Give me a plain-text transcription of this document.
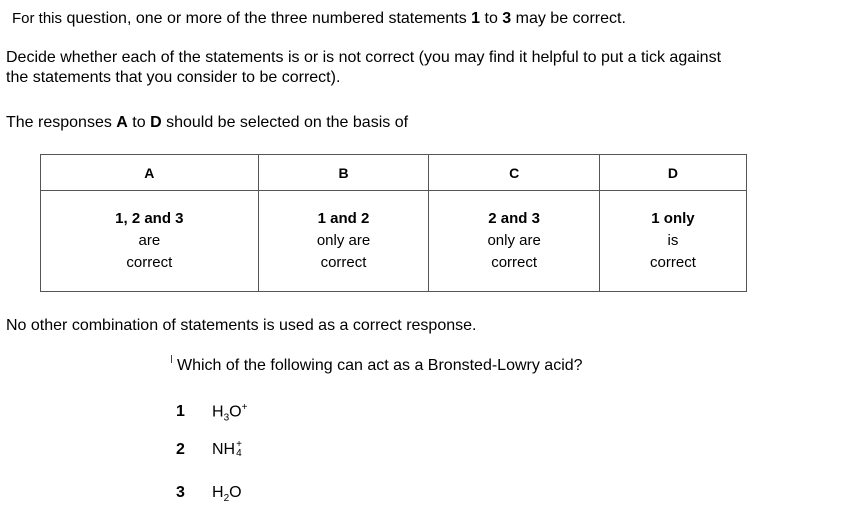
For this question, one or more of the three numbered statements 1 to 3 may be correct.
Decide whether each of the statements is or is not correct (you may find it helpful to put a tick against
the statements that you consider to be correct).
The responses A to D should be selected on the basis of
A	B	C	D

1, 2 and 3
are
correct	1 and 2
only are
correct	2 and 3
only are
correct	1 only
is
correct
No other combination of statements is used as a correct response.
Which of the following can act as a Bronsted-Lowry acid?
1 $H_3O^+$
2 NH +
4
3 $H_2O$
